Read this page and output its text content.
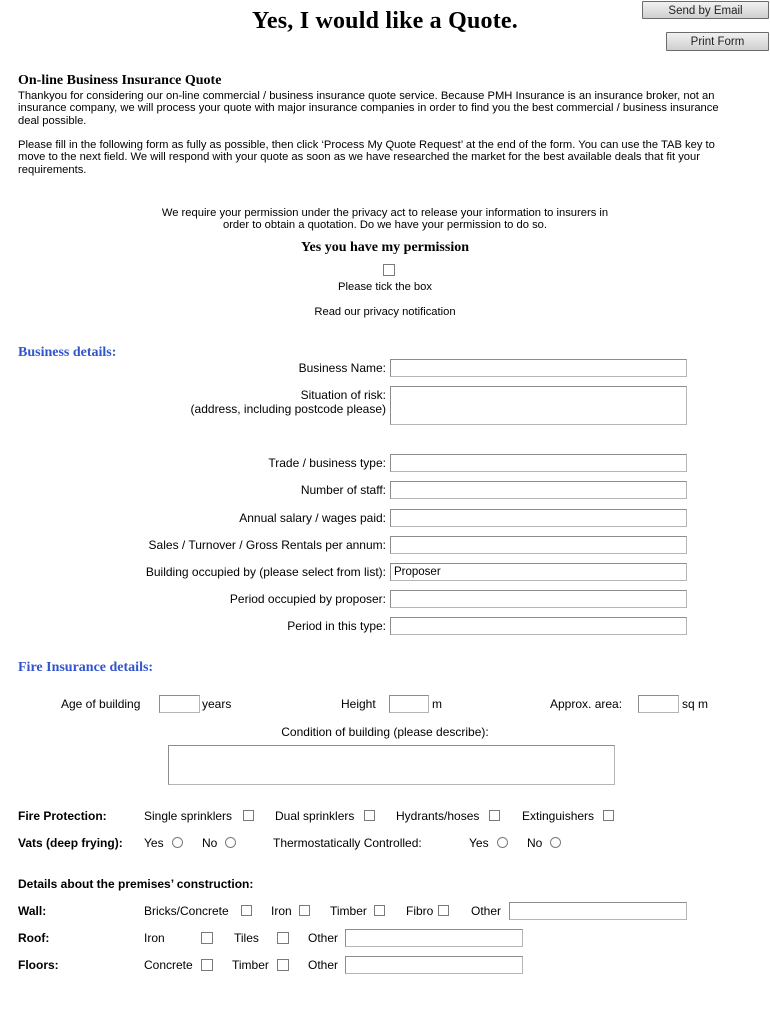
Yes, I would like a Quote.	Send by Email
Print Form
On-line Business Insurance Quote
Thankyou for considering our on-line commercial / business insurance quote service. Because PMH Insurance is an insurance broker, not an insurance company, we will process your quote with major insurance companies in order to find you the best commercial / business insurance deal possible.
Please fill in the following form as fully as possible, then click ‘Process My Quote Request’ at the end of the form. You can use the TAB key to move to the next field. We will respond with your quote as soon as we have researched the market for the best available deals that fit your requirements.
We require your permission under the privacy act to release your information to insurers in
order to obtain a quotation. Do we have your permission to do so.
Yes you have my permission
Please tick the box
Read our privacy notification
Business details:
Business Name:
Situation of risk:
(address, including postcode please)
Trade / business type:
Number of staff:
Annual salary / wages paid:
Sales / Turnover / Gross Rentals per annum:
Building occupied by (please select from list): Proposer
Period occupied by proposer:
Period in this type:
Fire Insurance details:
Age of building	years	Height	m	Approx. area:	sq m
Condition of building (please describe):
Fire Protection:	Single sprinklers	Dual sprinklers	Hydrants/hoses	Extinguishers
Vats (deep frying): Yes	No	Thermostatically Controlled:	Yes	No
Details about the premises’ construction:
Wall:	Bricks/Concrete	Iron	Timber	Fibro	Other
Roof:	Iron	Tiles	Other
Floors:	Concrete	Timber	Other
